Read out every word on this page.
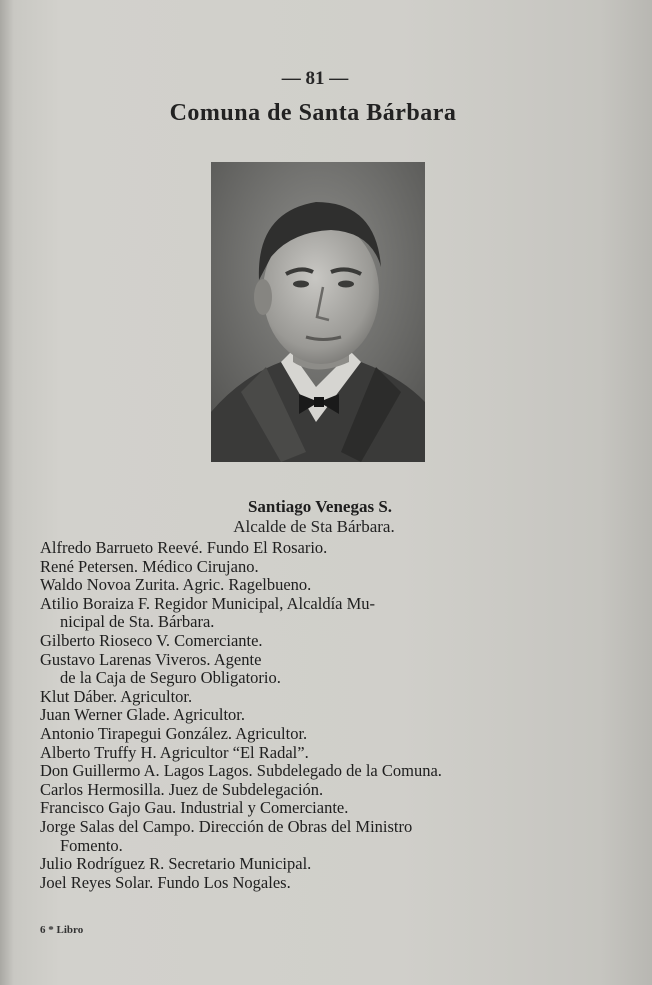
— 81 —
Comuna de Santa Bárbara
Santiago Venegas S.
Alcalde de Sta Bárbara.
Alfredo Barrueto Reevé. Fundo El Rosario.
René Petersen. Médico Cirujano.
Waldo Novoa Zurita. Agric. Ragelbueno.
Atilio Boraiza F. Regidor Municipal, Alcaldía Mu-
nicipal de Sta. Bárbara.
Gilberto Rioseco V. Comerciante.
Gustavo Larenas Viveros. Agente
de la Caja de Seguro Obligatorio.
Klut Dáber. Agricultor.
Juan Werner Glade. Agricultor.
Antonio Tirapegui González. Agricultor.
Alberto Truffy H. Agricultor “El Radal”.
Don Guillermo A. Lagos Lagos. Subdelegado de la Comuna.
Carlos Hermosilla. Juez de Subdelegación.
Francisco Gajo Gau. Industrial y Comerciante.
Jorge Salas del Campo. Dirección de Obras del Ministro
Fomento.
Julio Rodríguez R. Secretario Municipal.
Joel Reyes Solar. Fundo Los Nogales.
6 * Libro
